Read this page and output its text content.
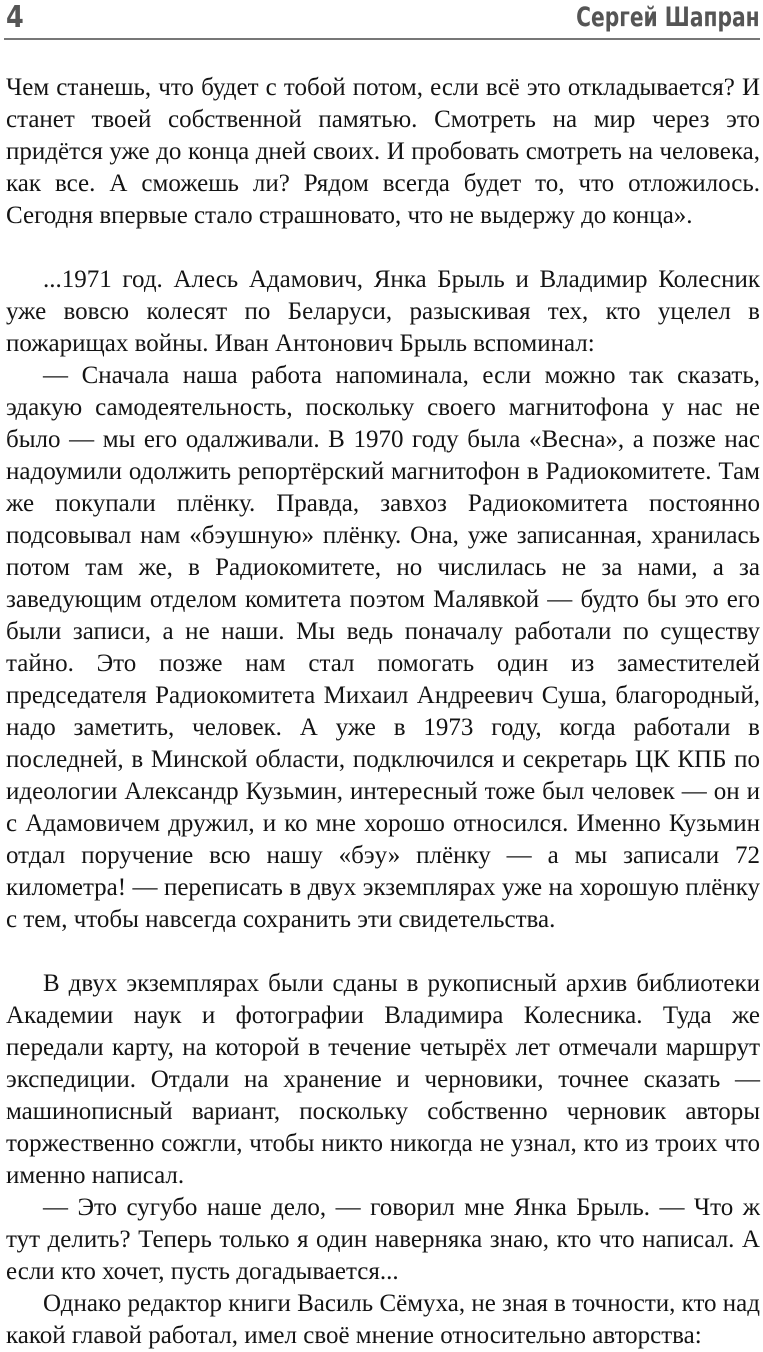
4	Сергей Шапран

Чем станешь, что будет с тобой потом, если всё это откладывается? И станет твоей собственной памятью. Смотреть на мир через это придётся уже до конца дней своих. И пробовать смотреть на человека, как все. А сможешь ли? Рядом всегда будет то, что отложилось. Сегодня впервые стало страшновато, что не выдержу до конца».

...1971 год. Алесь Адамович, Янка Брыль и Владимир Колесник уже вовсю колесят по Беларуси, разыскивая тех, кто уцелел в пожарищах войны. Иван Антонович Брыль вспоминал:

— Сначала наша работа напоминала, если можно так сказать, эдакую самодеятельность, поскольку своего магнитофона у нас не было — мы его одалживали. В 1970 году была «Весна», а позже нас надоумили одолжить репортёрский магнитофон в Радиокомитете. Там же покупали плёнку. Правда, завхоз Радиокомитета постоянно подсовывал нам «бэушную» плёнку. Она, уже записанная, хранилась потом там же, в Радиокомитете, но числилась не за нами, а за заведующим отделом комитета поэтом Малявкой — будто бы это его были записи, а не наши. Мы ведь поначалу работали по существу тайно. Это позже нам стал помогать один из заместителей председателя Радиокомитета Михаил Андреевич Суша, благородный, надо заметить, человек. А уже в 1973 году, когда работали в последней, в Минской области, подключился и секретарь ЦК КПБ по идеологии Александр Кузьмин, интересный тоже был человек — он и с Адамовичем дружил, и ко мне хорошо относился. Именно Кузьмин отдал поручение всю нашу «бэу» плёнку — а мы записали 72 километра! — переписать в двух экземплярах уже на хорошую плёнку с тем, чтобы навсегда сохранить эти свидетельства.

В двух экземплярах были сданы в рукописный архив библиотеки Академии наук и фотографии Владимира Колесника. Туда же передали карту, на которой в течение четырёх лет отмечали маршрут экспедиции. Отдали на хранение и черновики, точнее сказать — машинописный вариант, поскольку собственно черновик авторы торжественно сожгли, чтобы никто никогда не узнал, кто из троих что именно написал.

— Это сугубо наше дело, — говорил мне Янка Брыль. — Что ж тут делить? Теперь только я один наверняка знаю, кто что написал. А если кто хочет, пусть догадывается...

Однако редактор книги Василь Сёмуха, не зная в точности, кто над какой главой работал, имел своё мнение относительно авторства:
